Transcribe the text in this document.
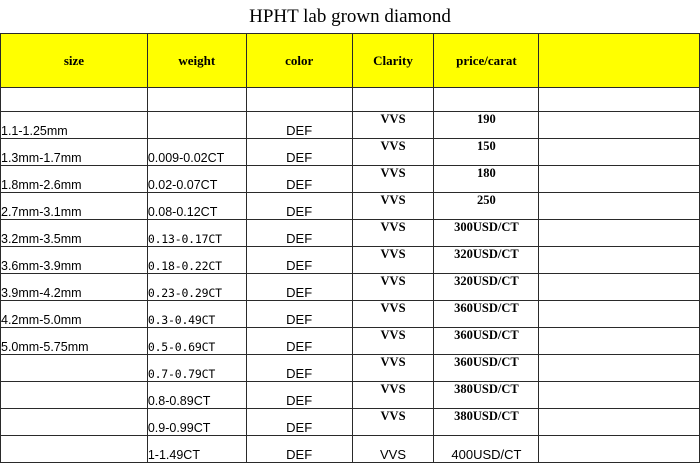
HPHT lab grown diamond
size	weight	color	Clarity	price/carat	

1.1-1.25mm		DEF	VVS	190	
1.3mm-1.7mm	0.009-0.02CT	DEF	VVS	150	
1.8mm-2.6mm	0.02-0.07CT	DEF	VVS	180	
2.7mm-3.1mm	0.08-0.12CT	DEF	VVS	250	
3.2mm-3.5mm	0.13-0.17CT	DEF	VVS	300USD/CT	
3.6mm-3.9mm	0.18-0.22CT	DEF	VVS	320USD/CT	
3.9mm-4.2mm	0.23-0.29CT	DEF	VVS	320USD/CT	
4.2mm-5.0mm	0.3-0.49CT	DEF	VVS	360USD/CT	
5.0mm-5.75mm	0.5-0.69CT	DEF	VVS	360USD/CT	
	0.7-0.79CT	DEF	VVS	360USD/CT	
	0.8-0.89CT	DEF	VVS	380USD/CT	
	0.9-0.99CT	DEF	VVS	380USD/CT	
	1-1.49CT	DEF	VVS	400USD/CT	
